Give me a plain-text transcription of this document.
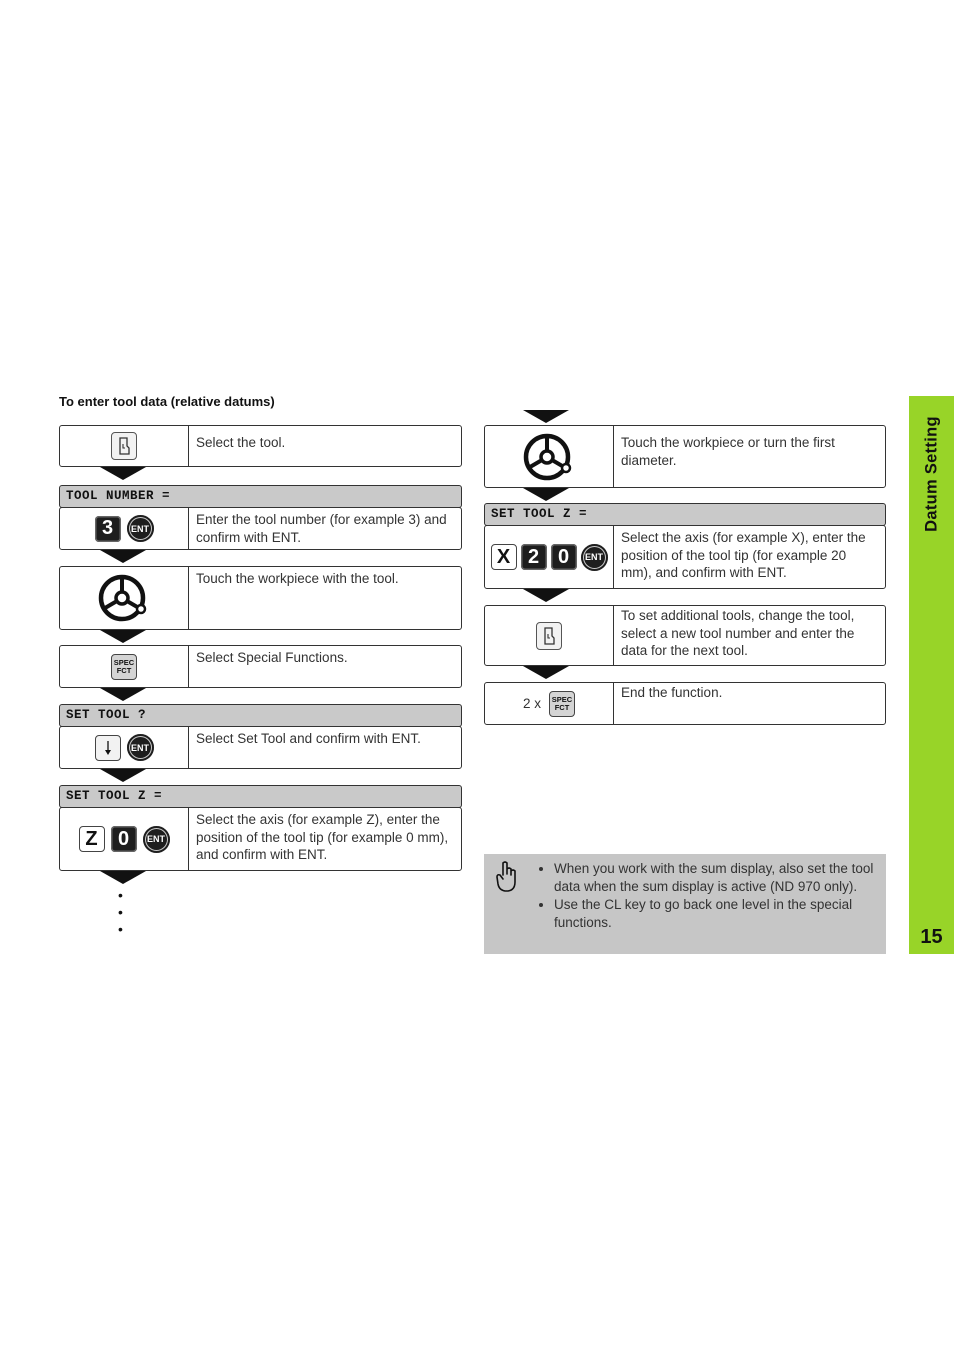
To enter tool data (relative datums)
Select the tool.
TOOL NUMBER =
3	ENT
Enter the tool number (for example 3) and confirm with ENT.
Touch the workpiece with the tool.
SPEC
FCT
Select Special Functions.
SET TOOL ?
ENT
Select Set Tool and confirm with ENT.
SET TOOL Z =
Z	0	ENT
Select the axis (for example Z), enter the position of the tool tip (for example 0 mm), and confirm with ENT.
•
•
•
Touch the workpiece or turn the first diameter.
SET TOOL Z =
X 2 0	ENT
Select the axis (for example X), enter the position of the tool tip (for example 20 mm), and confirm with ENT.
To set additional tools, change the tool, select a new tool number and enter the data for the next tool.
2 x SPEC
FCT
End the function.
• When you work with the sum display, also set the tool data when the sum display is active (ND 970 only).
• Use the CL key to go back one level in the special functions.
Datum Setting
15
